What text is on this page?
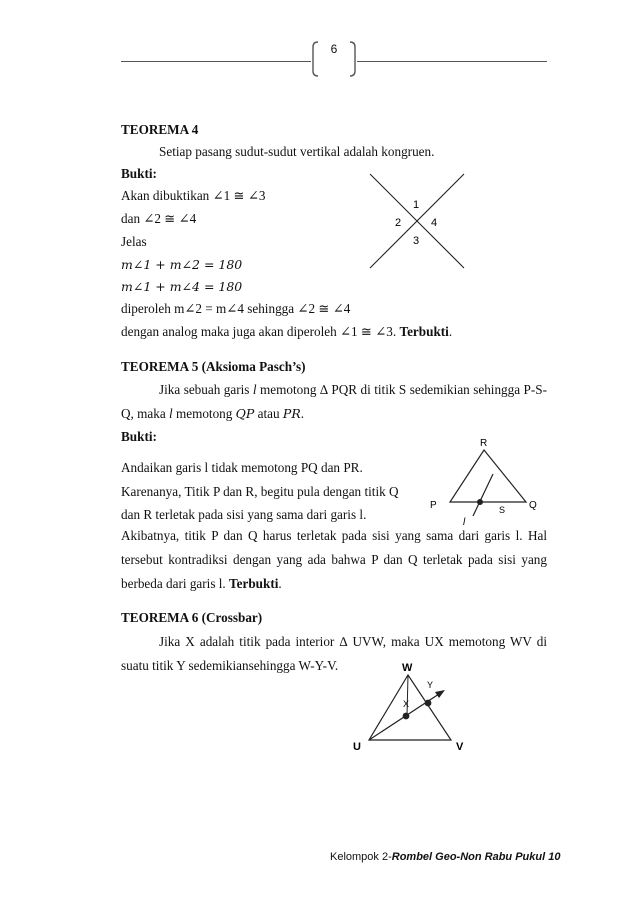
6
TEOREMA 4
Setiap pasang sudut-sudut vertikal adalah kongruen.
Bukti:
Akan dibuktikan ∠1 ≅ ∠3
dan ∠2 ≅ ∠4
Jelas
m∠1 + m∠2 = 180
m∠1 + m∠4 = 180
diperoleh m∠2 = m∠4 sehingga ∠2 ≅ ∠4
dengan analog maka juga akan diperoleh ∠1 ≅ ∠3. Terbukti.
1
2	4
3
TEOREMA 5 (Aksioma Pasch’s)
Jika sebuah garis l memotong ∆ PQR di titik S sedemikian sehingga P-S-Q, maka l memotong QP atau PR.
Bukti:
Andaikan garis l tidak memotong PQ dan PR.
Karenanya, Titik P dan R, begitu pula dengan titik Q
dan R terletak pada sisi yang sama dari garis l.
Akibatnya, titik P dan Q harus terletak pada sisi yang sama dari garis l. Hal tersebut kontradiksi dengan yang ada bahwa P dan Q terletak pada sisi yang berbeda dari garis l. Terbukti.
R
P	Q
S
l
TEOREMA 6 (Crossbar)
Jika X adalah titik pada interior ∆ UVW, maka UX memotong WV di suatu titik Y sedemikiansehingga W-Y-V.	W
Y
X
U	V
Kelompok 2-Rombel Geo-Non Rabu Pukul 10
